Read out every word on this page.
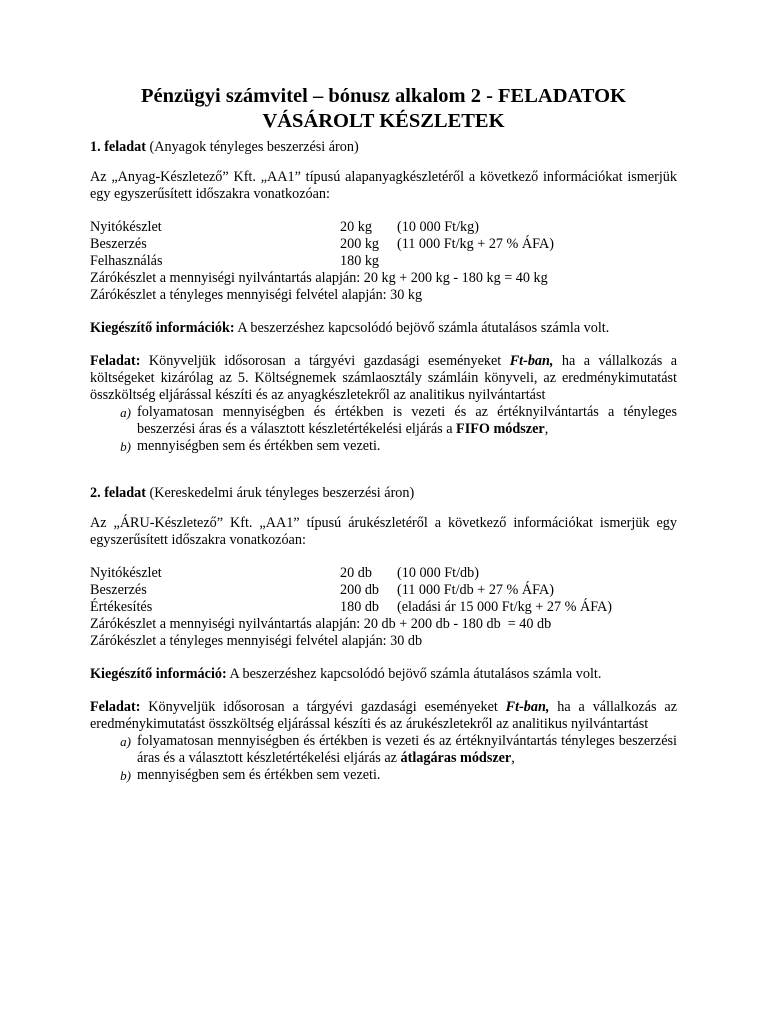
Pénzügyi számvitel – bónusz alkalom 2 - FELADATOK
VÁSÁROLT KÉSZLETEK

1. feladat (Anyagok tényleges beszerzési áron)

Az „Anyag-Készletező” Kft. „AA1” típusú alapanyagkészletéről a következő információkat ismerjük egy egyszerűsített időszakra vonatkozóan:

Nyitókészlet	20 kg	(10 000 Ft/kg)
Beszerzés	200 kg	(11 000 Ft/kg + 27 % ÁFA)
Felhasználás	180 kg

Zárókészlet a mennyiségi nyilvántartás alapján: 20 kg + 200 kg - 180 kg = 40 kg

Zárókészlet a tényleges mennyiségi felvétel alapján: 30 kg

Kiegészítő információk: A beszerzéshez kapcsolódó bejövő számla átutalásos számla volt.

Feladat: Könyveljük idősorosan a tárgyévi gazdasági eseményeket Ft-ban, ha a vállalkozás a költségeket kizárólag az 5. Költségnemek számlaosztály számláin könyveli, az eredménykimutatást összköltség eljárással készíti és az anyagkészletekről az analitikus nyilvántartást

a) folyamatosan mennyiségben és értékben is vezeti és az értéknyilvántartás a tényleges beszerzési áras és a választott készletértékelési eljárás a FIFO módszer,
b) mennyiségben sem és értékben sem vezeti.

2. feladat (Kereskedelmi áruk tényleges beszerzési áron)

Az „ÁRU-Készletező” Kft. „AA1” típusú árukészletéről a következő információkat ismerjük egy egyszerűsített időszakra vonatkozóan:

Nyitókészlet	20 db	(10 000 Ft/db)
Beszerzés	200 db	(11 000 Ft/db + 27 % ÁFA)
Értékesítés	180 db	(eladási ár 15 000 Ft/kg + 27 % ÁFA)

Zárókészlet a mennyiségi nyilvántartás alapján: 20 db + 200 db - 180 db  = 40 db

Zárókészlet a tényleges mennyiségi felvétel alapján: 30 db

Kiegészítő információ: A beszerzéshez kapcsolódó bejövő számla átutalásos számla volt.

Feladat: Könyveljük idősorosan a tárgyévi gazdasági eseményeket Ft-ban, ha a vállalkozás az eredménykimutatást összköltség eljárással készíti és az árukészletekről az analitikus nyilvántartást

a) folyamatosan mennyiségben és értékben is vezeti és az értéknyilvántartás tényleges beszerzési áras és a választott készletértékelési eljárás az átlagáras módszer,
b) mennyiségben sem és értékben sem vezeti.
